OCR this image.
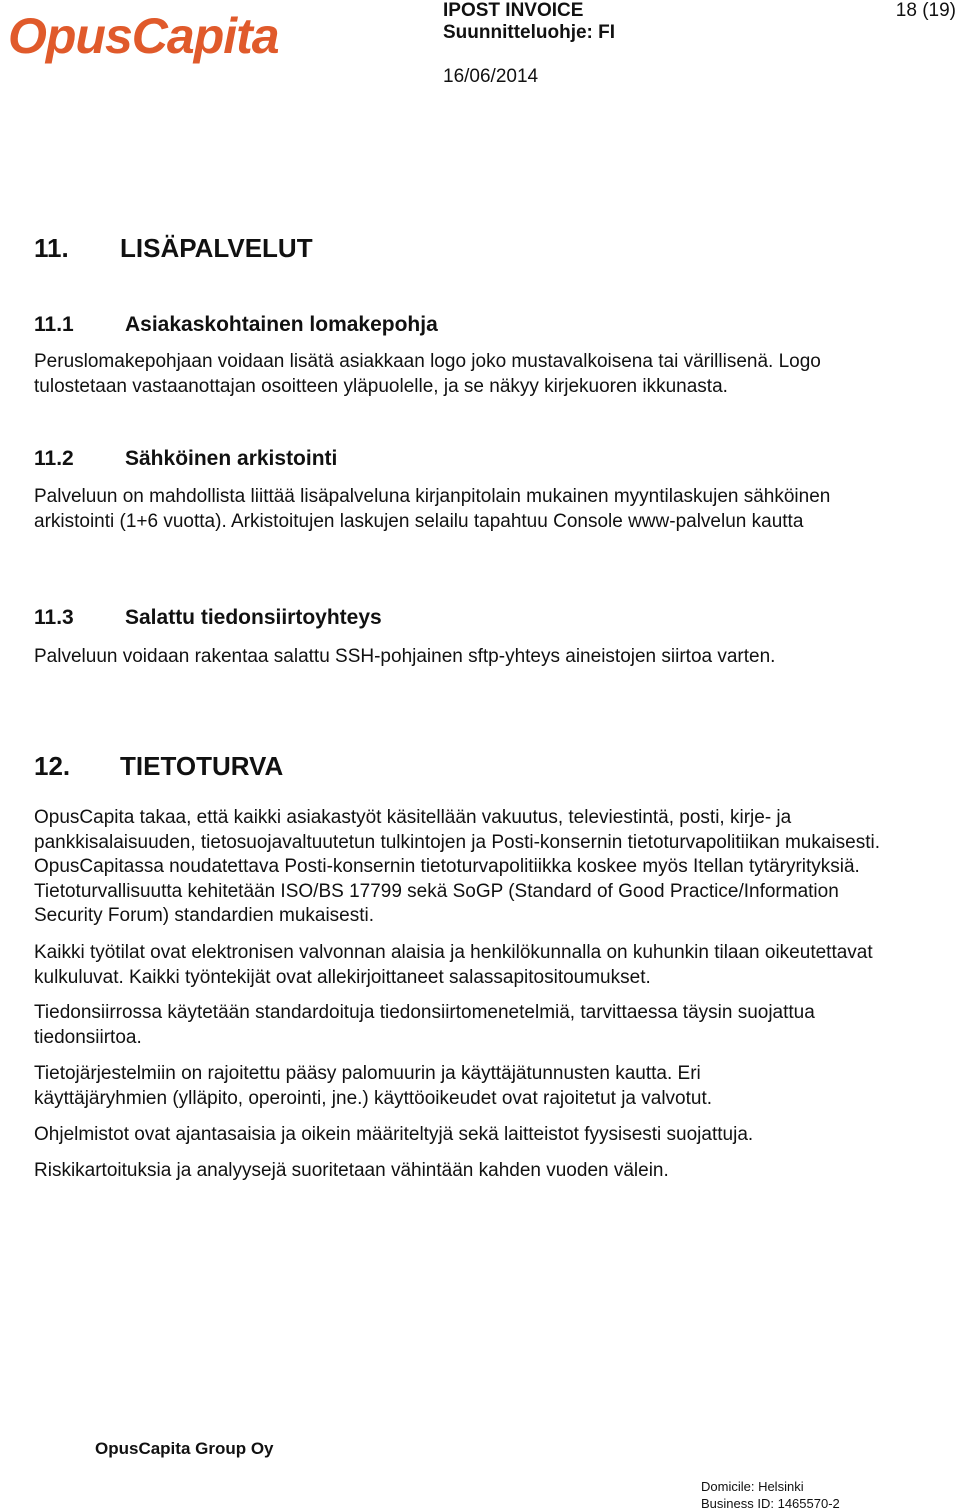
OpusCapita	IPOST INVOICE
Suunnitteluohje: FI
16/06/2014
18 (19)
11. LISÄPALVELUT
11.1 Asiakaskohtainen lomakepohja
Peruslomakepohjaan voidaan lisätä asiakkaan logo joko mustavalkoisena tai värillisenä. Logo tulostetaan vastaanottajan osoitteen yläpuolelle, ja se näkyy kirjekuoren ikkunasta.
11.2 Sähköinen arkistointi
Palveluun on mahdollista liittää lisäpalveluna kirjanpitolain mukainen myyntilaskujen sähköinen arkistointi (1+6 vuotta). Arkistoitujen laskujen selailu tapahtuu Console www-palvelun kautta
11.3 Salattu tiedonsiirtoyhteys
Palveluun voidaan rakentaa salattu SSH-pohjainen sftp-yhteys aineistojen siirtoa varten.
12. TIETOTURVA
OpusCapita takaa, että kaikki asiakastyöt käsitellään vakuutus, televiestintä, posti, kirje- ja pankkisalaisuuden, tietosuojavaltuutetun tulkintojen ja Posti-konsernin tietoturvapolitiikan mukaisesti. OpusCapitassa noudatettava Posti-konsernin tietoturvapolitiikka koskee myös Itellan tytäryrityksiä. Tietoturvallisuutta kehitetään ISO/BS 17799 sekä SoGP (Standard of Good Practice/Information Security Forum) standardien mukaisesti.
Kaikki työtilat ovat elektronisen valvonnan alaisia ja henkilökunnalla on kuhunkin tilaan oikeutettavat kulkuluvat. Kaikki työntekijät ovat allekirjoittaneet salassapitositoumukset.
Tiedonsiirrossa käytetään standardoituja tiedonsiirtomenetelmiä, tarvittaessa täysin suojattua tiedonsiirtoa.
Tietojärjestelmiin on rajoitettu pääsy palomuurin ja käyttäjätunnusten kautta. Eri käyttäjäryhmien (ylläpito, operointi, jne.) käyttöoikeudet ovat rajoitetut ja valvotut.
Ohjelmistot ovat ajantasaisia ja oikein määriteltyjä sekä laitteistot fyysisesti suojattuja.
Riskikartoituksia ja analyysejä suoritetaan vähintään kahden vuoden välein.
OpusCapita Group Oy
Domicile: Helsinki
Business ID: 1465570-2
